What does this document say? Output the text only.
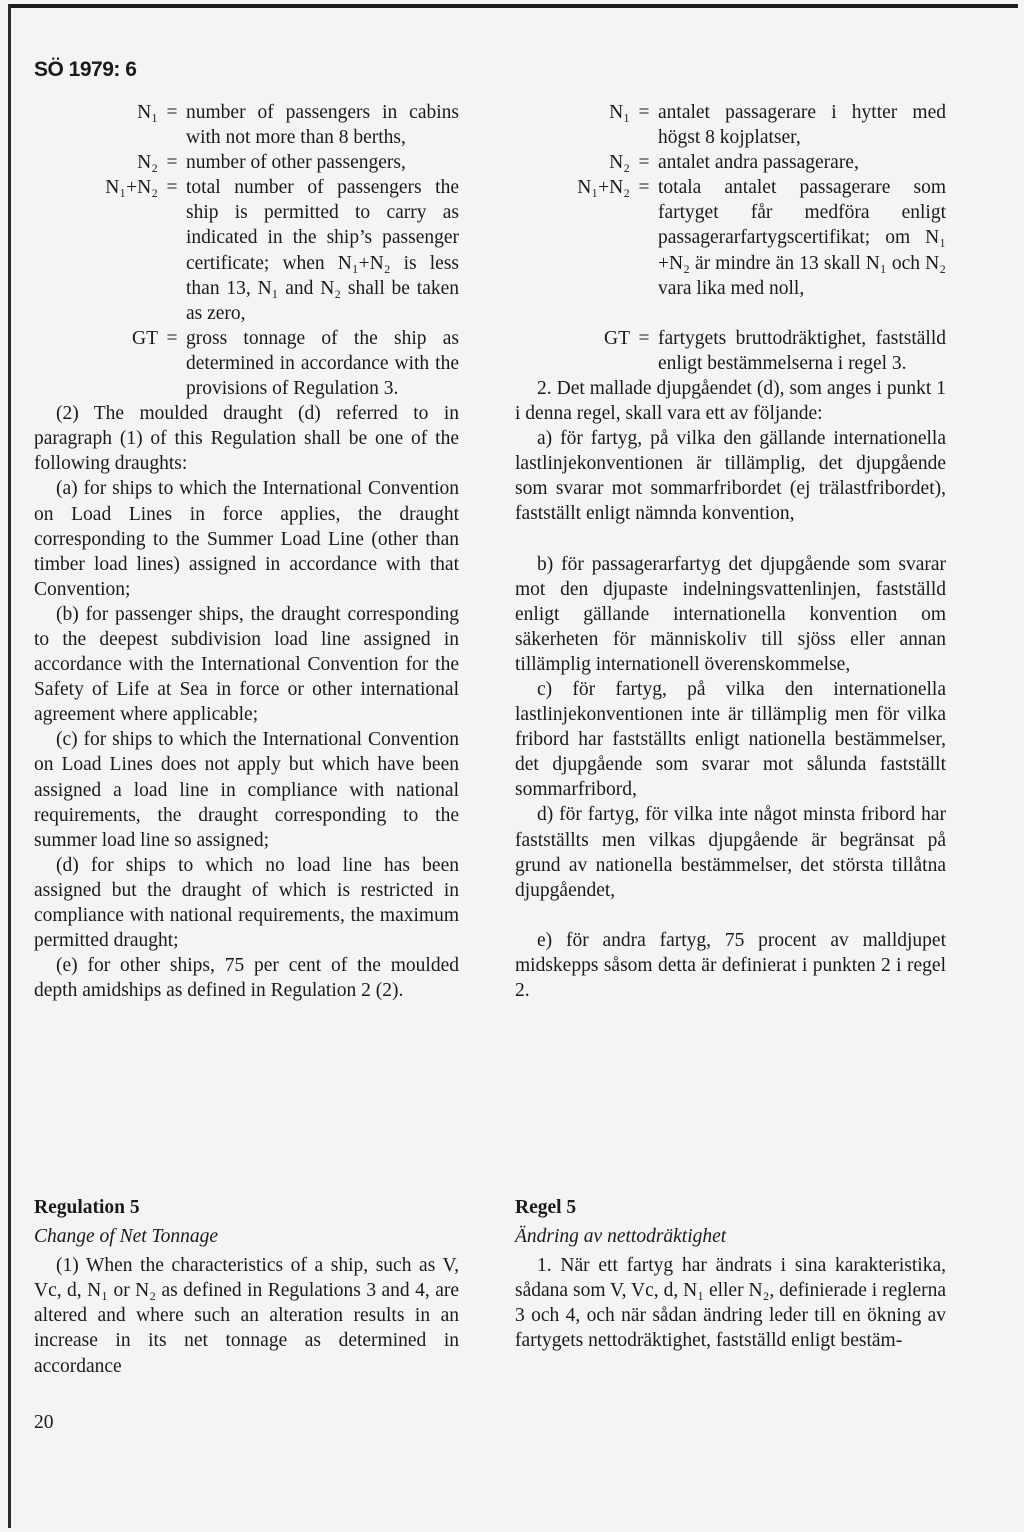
SÖ 1979: 6
N₁ = number of passengers in cabins with not more than 8 berths,
N₂ = number of other passengers,
N₁+N₂ = total number of passengers the ship is permitted to carry as indicated in the ship’s passenger certificate; when N₁+N₂ is less than 13, N₁ and N₂ shall be taken as zero,
GT = gross tonnage of the ship as determined in accordance with the provisions of Regulation 3.

(2) The moulded draught (d) referred to in paragraph (1) of this Regulation shall be one of the following draughts:

(a) for ships to which the International Convention on Load Lines in force applies, the draught corresponding to the Summer Load Line (other than timber load lines) assigned in accordance with that Convention;

(b) for passenger ships, the draught corresponding to the deepest subdivision load line assigned in accordance with the International Convention for the Safety of Life at Sea in force or other international agreement where applicable;

(c) for ships to which the International Convention on Load Lines does not apply but which have been assigned a load line in compliance with national requirements, the draught corresponding to the summer load line so assigned;

(d) for ships to which no load line has been assigned but the draught of which is restricted in compliance with national requirements, the maximum permitted draught;

(e) for other ships, 75 per cent of the moulded depth amidships as defined in Regulation 2 (2).

N₁ = antalet passagerare i hytter med högst 8 kojplatser,
N₂ = antalet andra passagerare,
N₁+N₂ = totala antalet passagerare som fartyget får medföra enligt passagerarfartygscertifikat; om N₁ +N₂ är mindre än 13 skall N₁ och N₂ vara lika med noll,
GT = fartygets bruttodräktighet, fastställd enligt bestämmelserna i regel 3.

2. Det mallade djupgåendet (d), som anges i punkt 1 i denna regel, skall vara ett av följande:

a) för fartyg, på vilka den gällande internationella lastlinjekonventionen är tillämplig, det djupgående som svarar mot sommarfribordet (ej trälastfribordet), fastställt enligt nämnda konvention,

b) för passagerarfartyg det djupgående som svarar mot den djupaste indelningsvattenlinjen, fastställd enligt gällande internationella konvention om säkerheten för människoliv till sjöss eller annan tillämplig internationell överenskommelse,

c) för fartyg, på vilka den internationella lastlinjekonventionen inte är tillämplig men för vilka fribord har fastställts enligt nationella bestämmelser, det djupgående som svarar mot sålunda fastställt sommarfribord,

d) för fartyg, för vilka inte något minsta fribord har fastställts men vilkas djupgående är begränsat på grund av nationella bestämmelser, det största tillåtna djupgåendet,

e) för andra fartyg, 75 procent av malldjupet midskepps såsom detta är definierat i punkten 2 i regel 2.

Regulation 5
Change of Net Tonnage

(1) When the characteristics of a ship, such as V, Vc, d, N₁ or N₂ as defined in Regulations 3 and 4, are altered and where such an alteration results in an increase in its net tonnage as determined in accordance

Regel 5
Ändring av nettodräktighet

1. När ett fartyg har ändrats i sina karakteristika, sådana som V, Vc, d, N₁ eller N₂, definierade i reglerna 3 och 4, och när sådan ändring leder till en ökning av fartygets nettodräktighet, fastställd enligt bestäm-

20
